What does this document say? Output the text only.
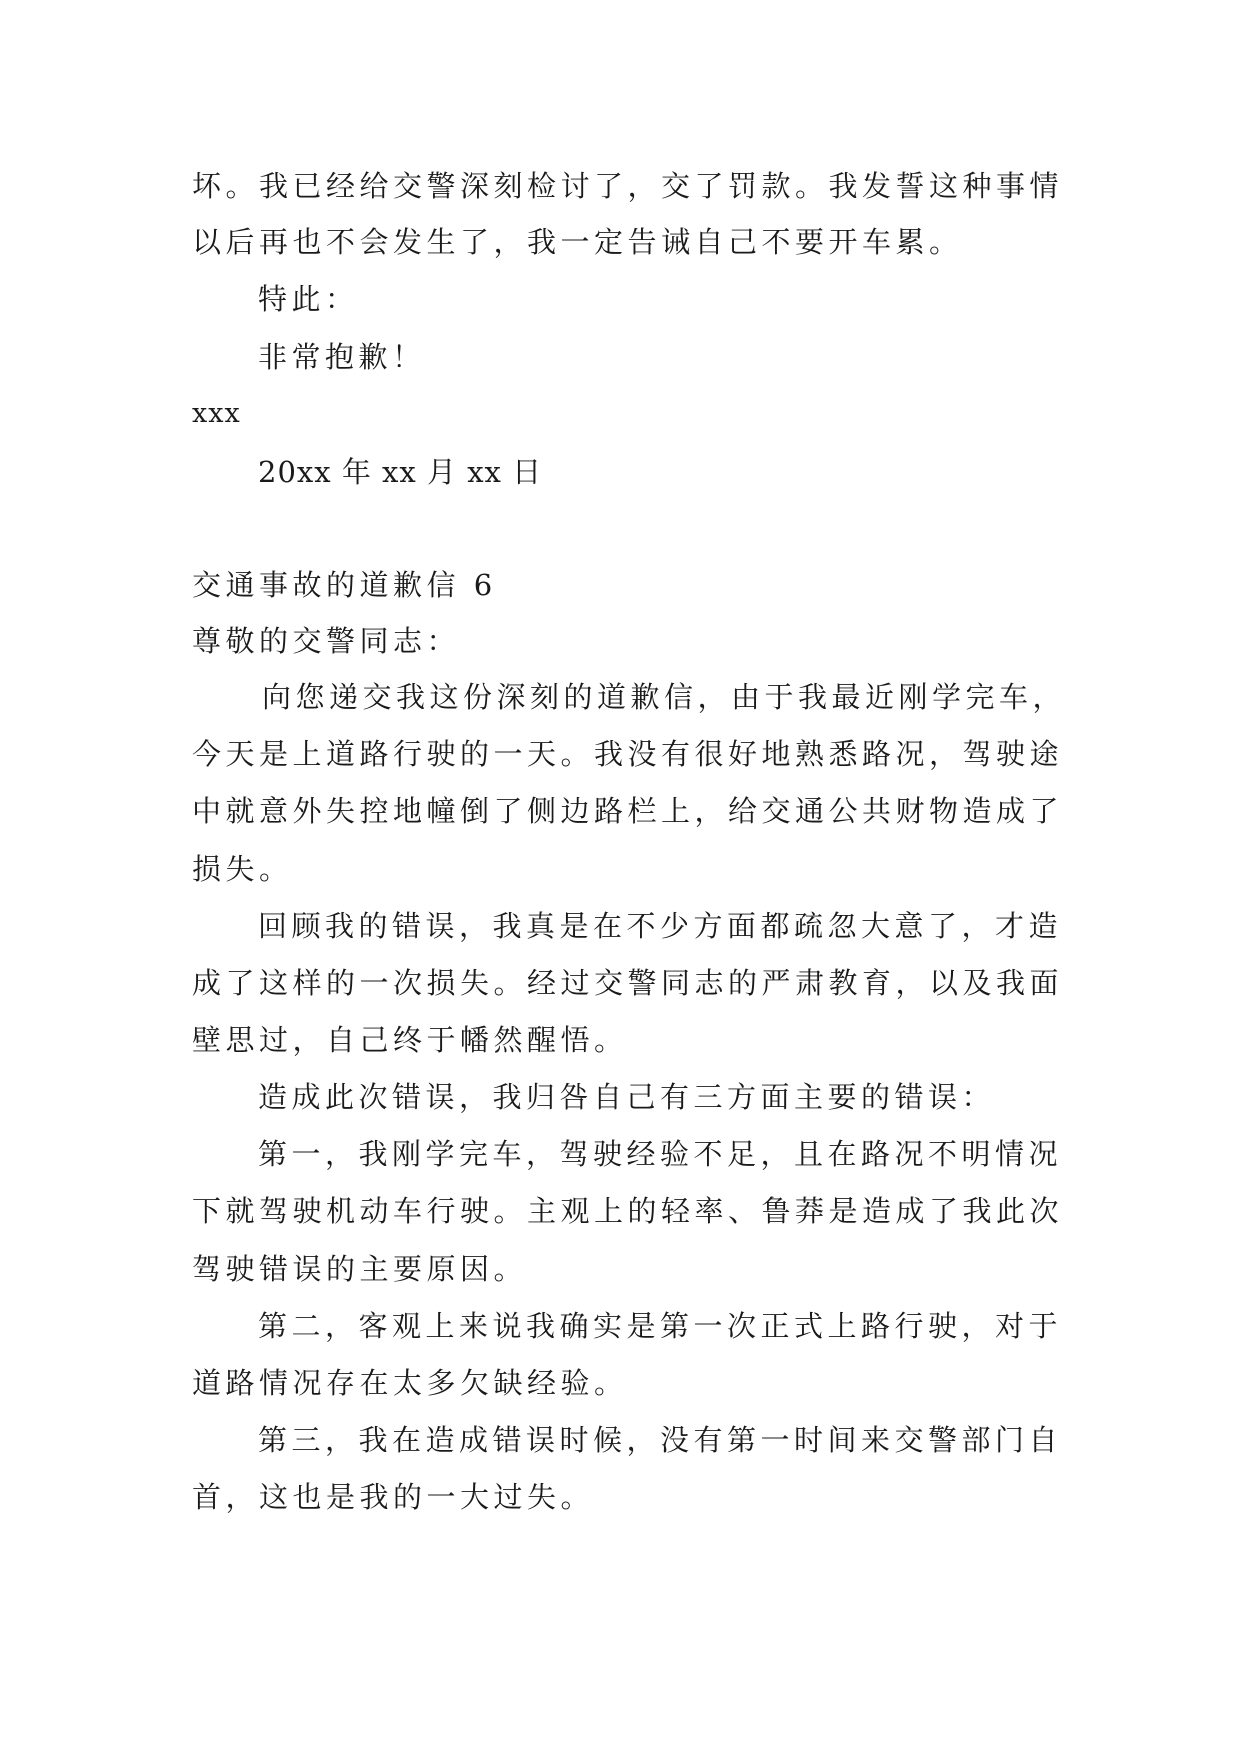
坏。我已经给交警深刻检讨了，交了罚款。我发誓这种事情
以后再也不会发生了，我一定告诫自己不要开车累。
特此：
非常抱歉！
xxx
20xx 年 xx 月 xx 日
交通事故的道歉信 6
尊敬的交警同志：
向您递交我这份深刻的道歉信，由于我最近刚学完车，
今天是上道路行驶的一天。我没有很好地熟悉路况，驾驶途
中就意外失控地幢倒了侧边路栏上，给交通公共财物造成了
损失。
回顾我的错误，我真是在不少方面都疏忽大意了，才造
成了这样的一次损失。经过交警同志的严肃教育，以及我面
壁思过，自己终于幡然醒悟。
造成此次错误，我归咎自己有三方面主要的错误：
第一，我刚学完车，驾驶经验不足，且在路况不明情况
下就驾驶机动车行驶。主观上的轻率、鲁莽是造成了我此次
驾驶错误的主要原因。
第二，客观上来说我确实是第一次正式上路行驶，对于
道路情况存在太多欠缺经验。
第三，我在造成错误时候，没有第一时间来交警部门自
首，这也是我的一大过失。
